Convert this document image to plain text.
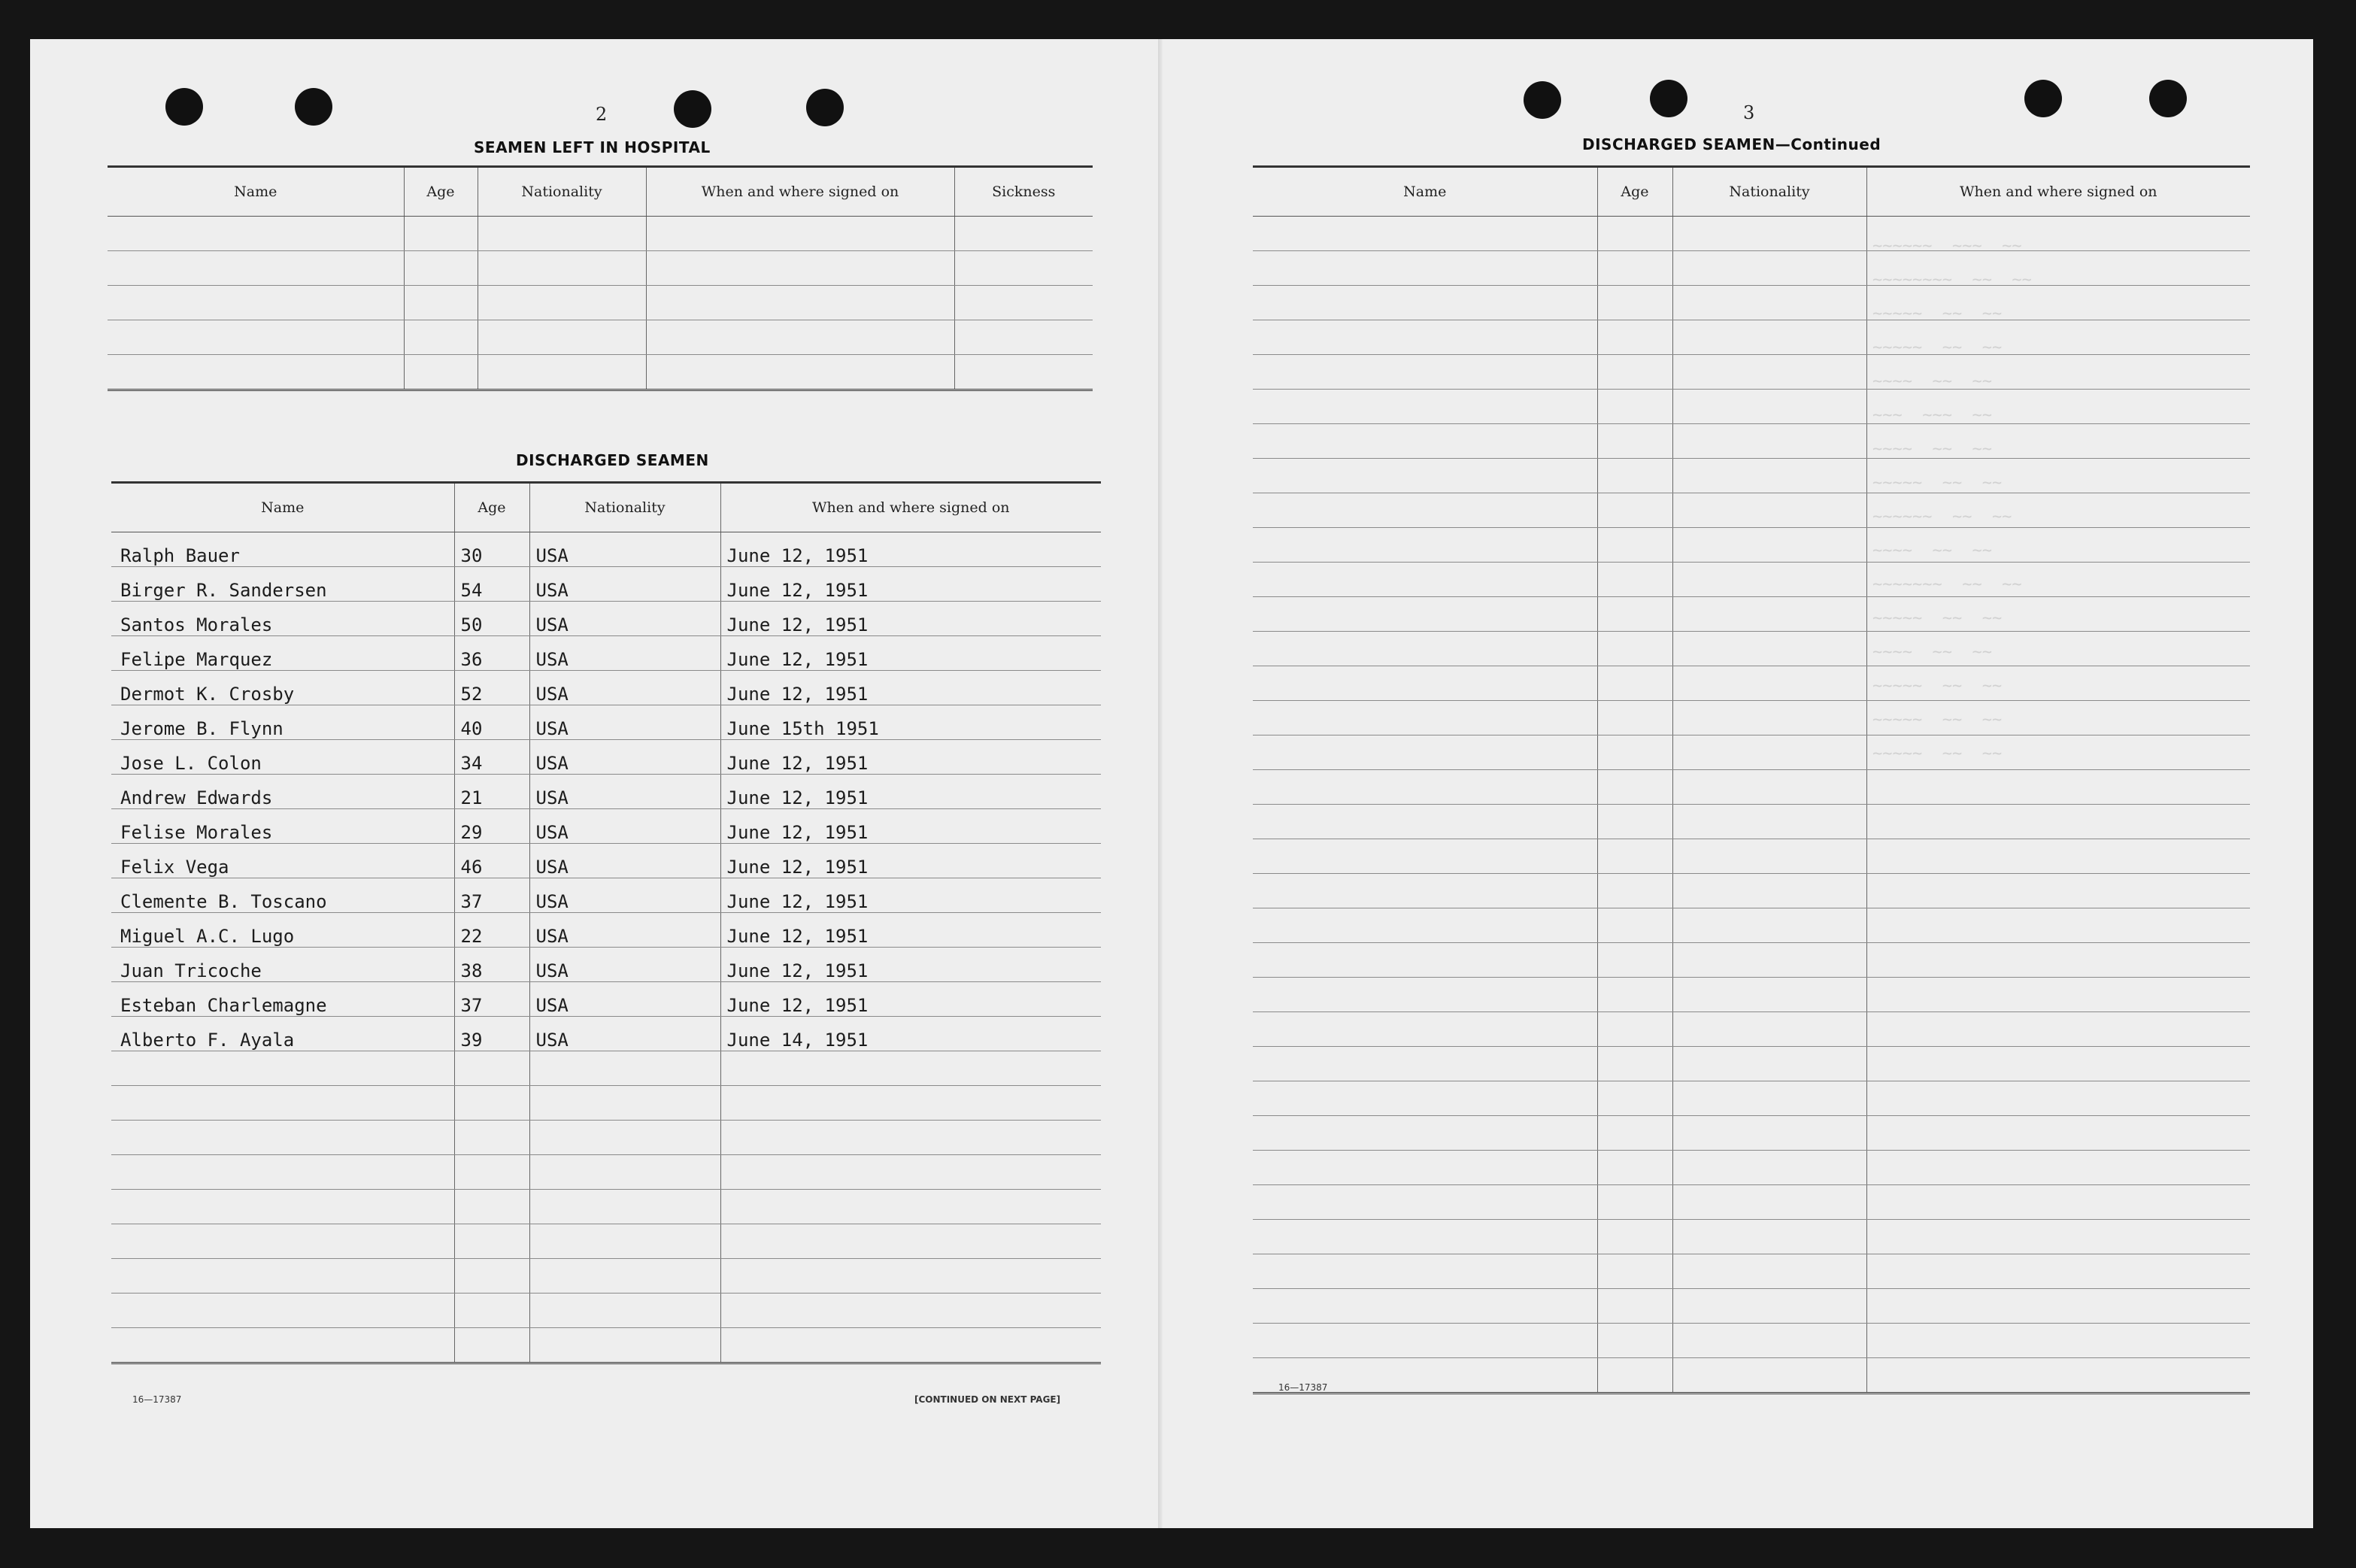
~~~~~~  ~~~  ~~
~~~~~~~~  ~~  ~~
~~~~~  ~~  ~~
~~~~~  ~~  ~~
~~~~  ~~  ~~
~~~  ~~~  ~~
~~~~  ~~  ~~
~~~~~  ~~  ~~
~~~~~~  ~~  ~~
~~~~  ~~  ~~
~~~~~~~  ~~  ~~
~~~~~  ~~  ~~
~~~~  ~~  ~~
~~~~~  ~~  ~~
~~~~~  ~~  ~~
~~~~~  ~~  ~~
2
SEAMEN LEFT IN HOSPITAL
Name	Age	Nationality	When and where signed on	Sickness

DISCHARGED SEAMEN
Name	Age	Nationality	When and where signed on
Ralph Bauer	30	USA	June 12, 1951
Birger R. Sandersen	54	USA	June 12, 1951
Santos Morales	50	USA	June 12, 1951
Felipe Marquez	36	USA	June 12, 1951
Dermot K. Crosby	52	USA	June 12, 1951
Jerome B. Flynn	40	USA	June 15th 1951
Jose L. Colon	34	USA	June 12, 1951
Andrew Edwards	21	USA	June 12, 1951
Felise Morales	29	USA	June 12, 1951
Felix Vega	46	USA	June 12, 1951
Clemente B. Toscano	37	USA	June 12, 1951
Miguel A.C. Lugo	22	USA	June 12, 1951
Juan Tricoche	38	USA	June 12, 1951
Esteban Charlemagne	37	USA	June 12, 1951
Alberto F. Ayala	39	USA	June 14, 1951

16—17387	[CONTINUED ON NEXT PAGE]
3
DISCHARGED SEAMEN—Continued
Name	Age	Nationality	When and where signed on

16—17387
